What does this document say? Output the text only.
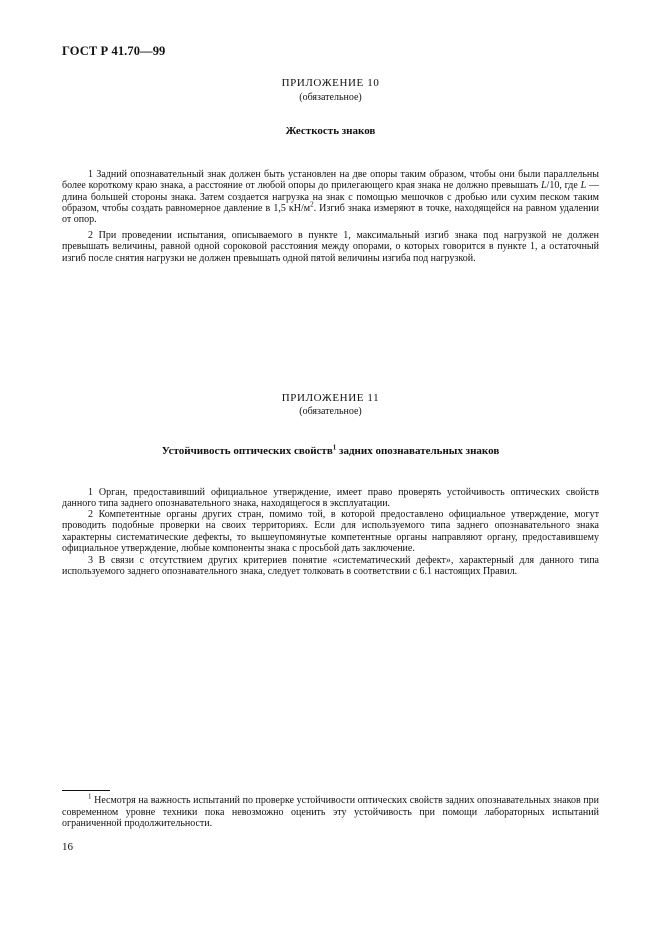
ГОСТ Р 41.70—99
ПРИЛОЖЕНИЕ 10
(обязательное)
Жесткость знаков

1 Задний опознавательный знак должен быть установлен на две опоры таким образом, чтобы они были параллельны более короткому краю знака, а расстояние от любой опоры до прилегающего края знака не должно превышать L/10, где L — длина большей стороны знака. Затем создается нагрузка на знак с помощью мешочков с дробью или сухим песком таким образом, чтобы создать равномерное давление в 1,5 $кН/м^2$. Изгиб знака измеряют в точке, находящейся на равном удалении от опор.

2 При проведении испытания, описываемого в пункте 1, максимальный изгиб знака под нагрузкой не должен превышать величины, равной одной сороковой расстояния между опорами, о которых говорится в пункте 1, а остаточный изгиб после снятия нагрузки не должен превышать одной пятой величины изгиба под нагрузкой.

ПРИЛОЖЕНИЕ 11
(обязательное)
Устойчивость оптических свойств$^1$ задних опознавательных знаков

1 Орган, предоставивший официальное утверждение, имеет право проверять устойчивость оптических свойств данного типа заднего опознавательного знака, находящегося в эксплуатации.

2 Компетентные органы других стран, помимо той, в которой предоставлено официальное утверждение, могут проводить подобные проверки на своих территориях. Если для используемого типа заднего опознавательного знака характерны систематические дефекты, то вышеупомянутые компетентные органы направляют органу, предоставившему официальное утверждение, любые компоненты знака с просьбой дать заключение.

3 В связи с отсутствием других критериев понятие «систематический дефект», характерный для данного типа используемого заднего опознавательного знака, следует толковать в соответствии с 6.1 настоящих Правил.

$^1$ Несмотря на важность испытаний по проверке устойчивости оптических свойств задних опознавательных знаков при современном уровне техники пока невозможно оценить эту устойчивость при помощи лабораторных испытаний ограниченной продолжительности.

16
